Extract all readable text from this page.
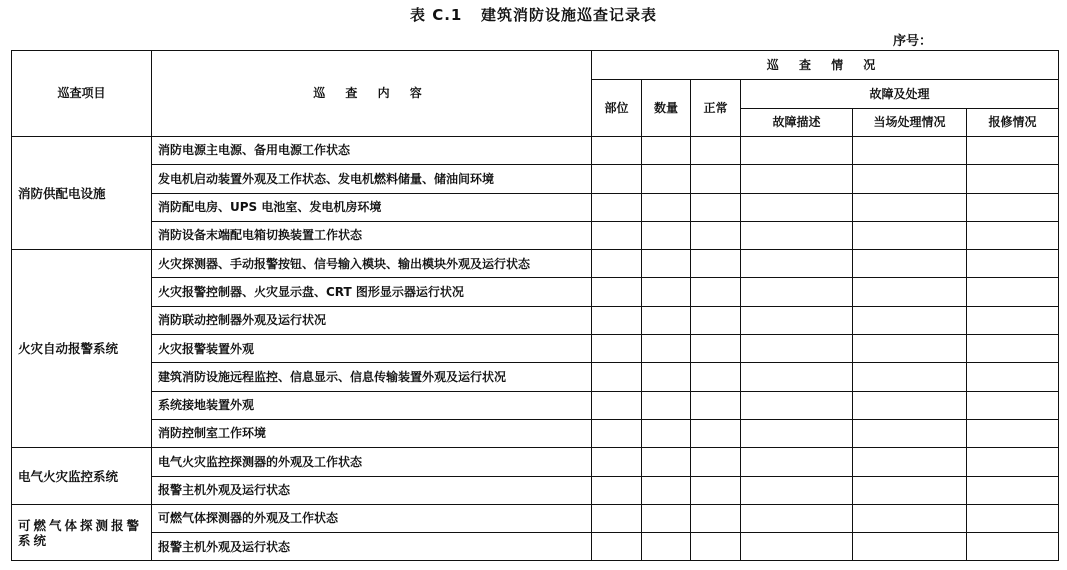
表 C.1   建筑消防设施巡查记录表
序号：
巡查项目	巡 查 内 容	巡 查 情 况					
		部位	数量	正常	故障及处理		
					故障描述	当场处理情况	报修情况
消防供配电设施	消防电源主电源、备用电源工作状态						
	发电机启动装置外观及工作状态、发电机燃料储量、储油间环境						
	消防配电房、UPS 电池室、发电机房环境						
	消防设备末端配电箱切换装置工作状态						
火灾自动报警系统	火灾探测器、手动报警按钮、信号输入模块、输出模块外观及运行状态						
	火灾报警控制器、火灾显示盘、CRT 图形显示器运行状况						
	消防联动控制器外观及运行状况						
	火灾报警装置外观						
	建筑消防设施远程监控、信息显示、信息传输装置外观及运行状况						
	系统接地装置外观						
	消防控制室工作环境						
电气火灾监控系统	电气火灾监控探测器的外观及工作状态						
	报警主机外观及运行状态						
可燃气体探测报警系统	可燃气体探测器的外观及工作状态						
	报警主机外观及运行状态						
